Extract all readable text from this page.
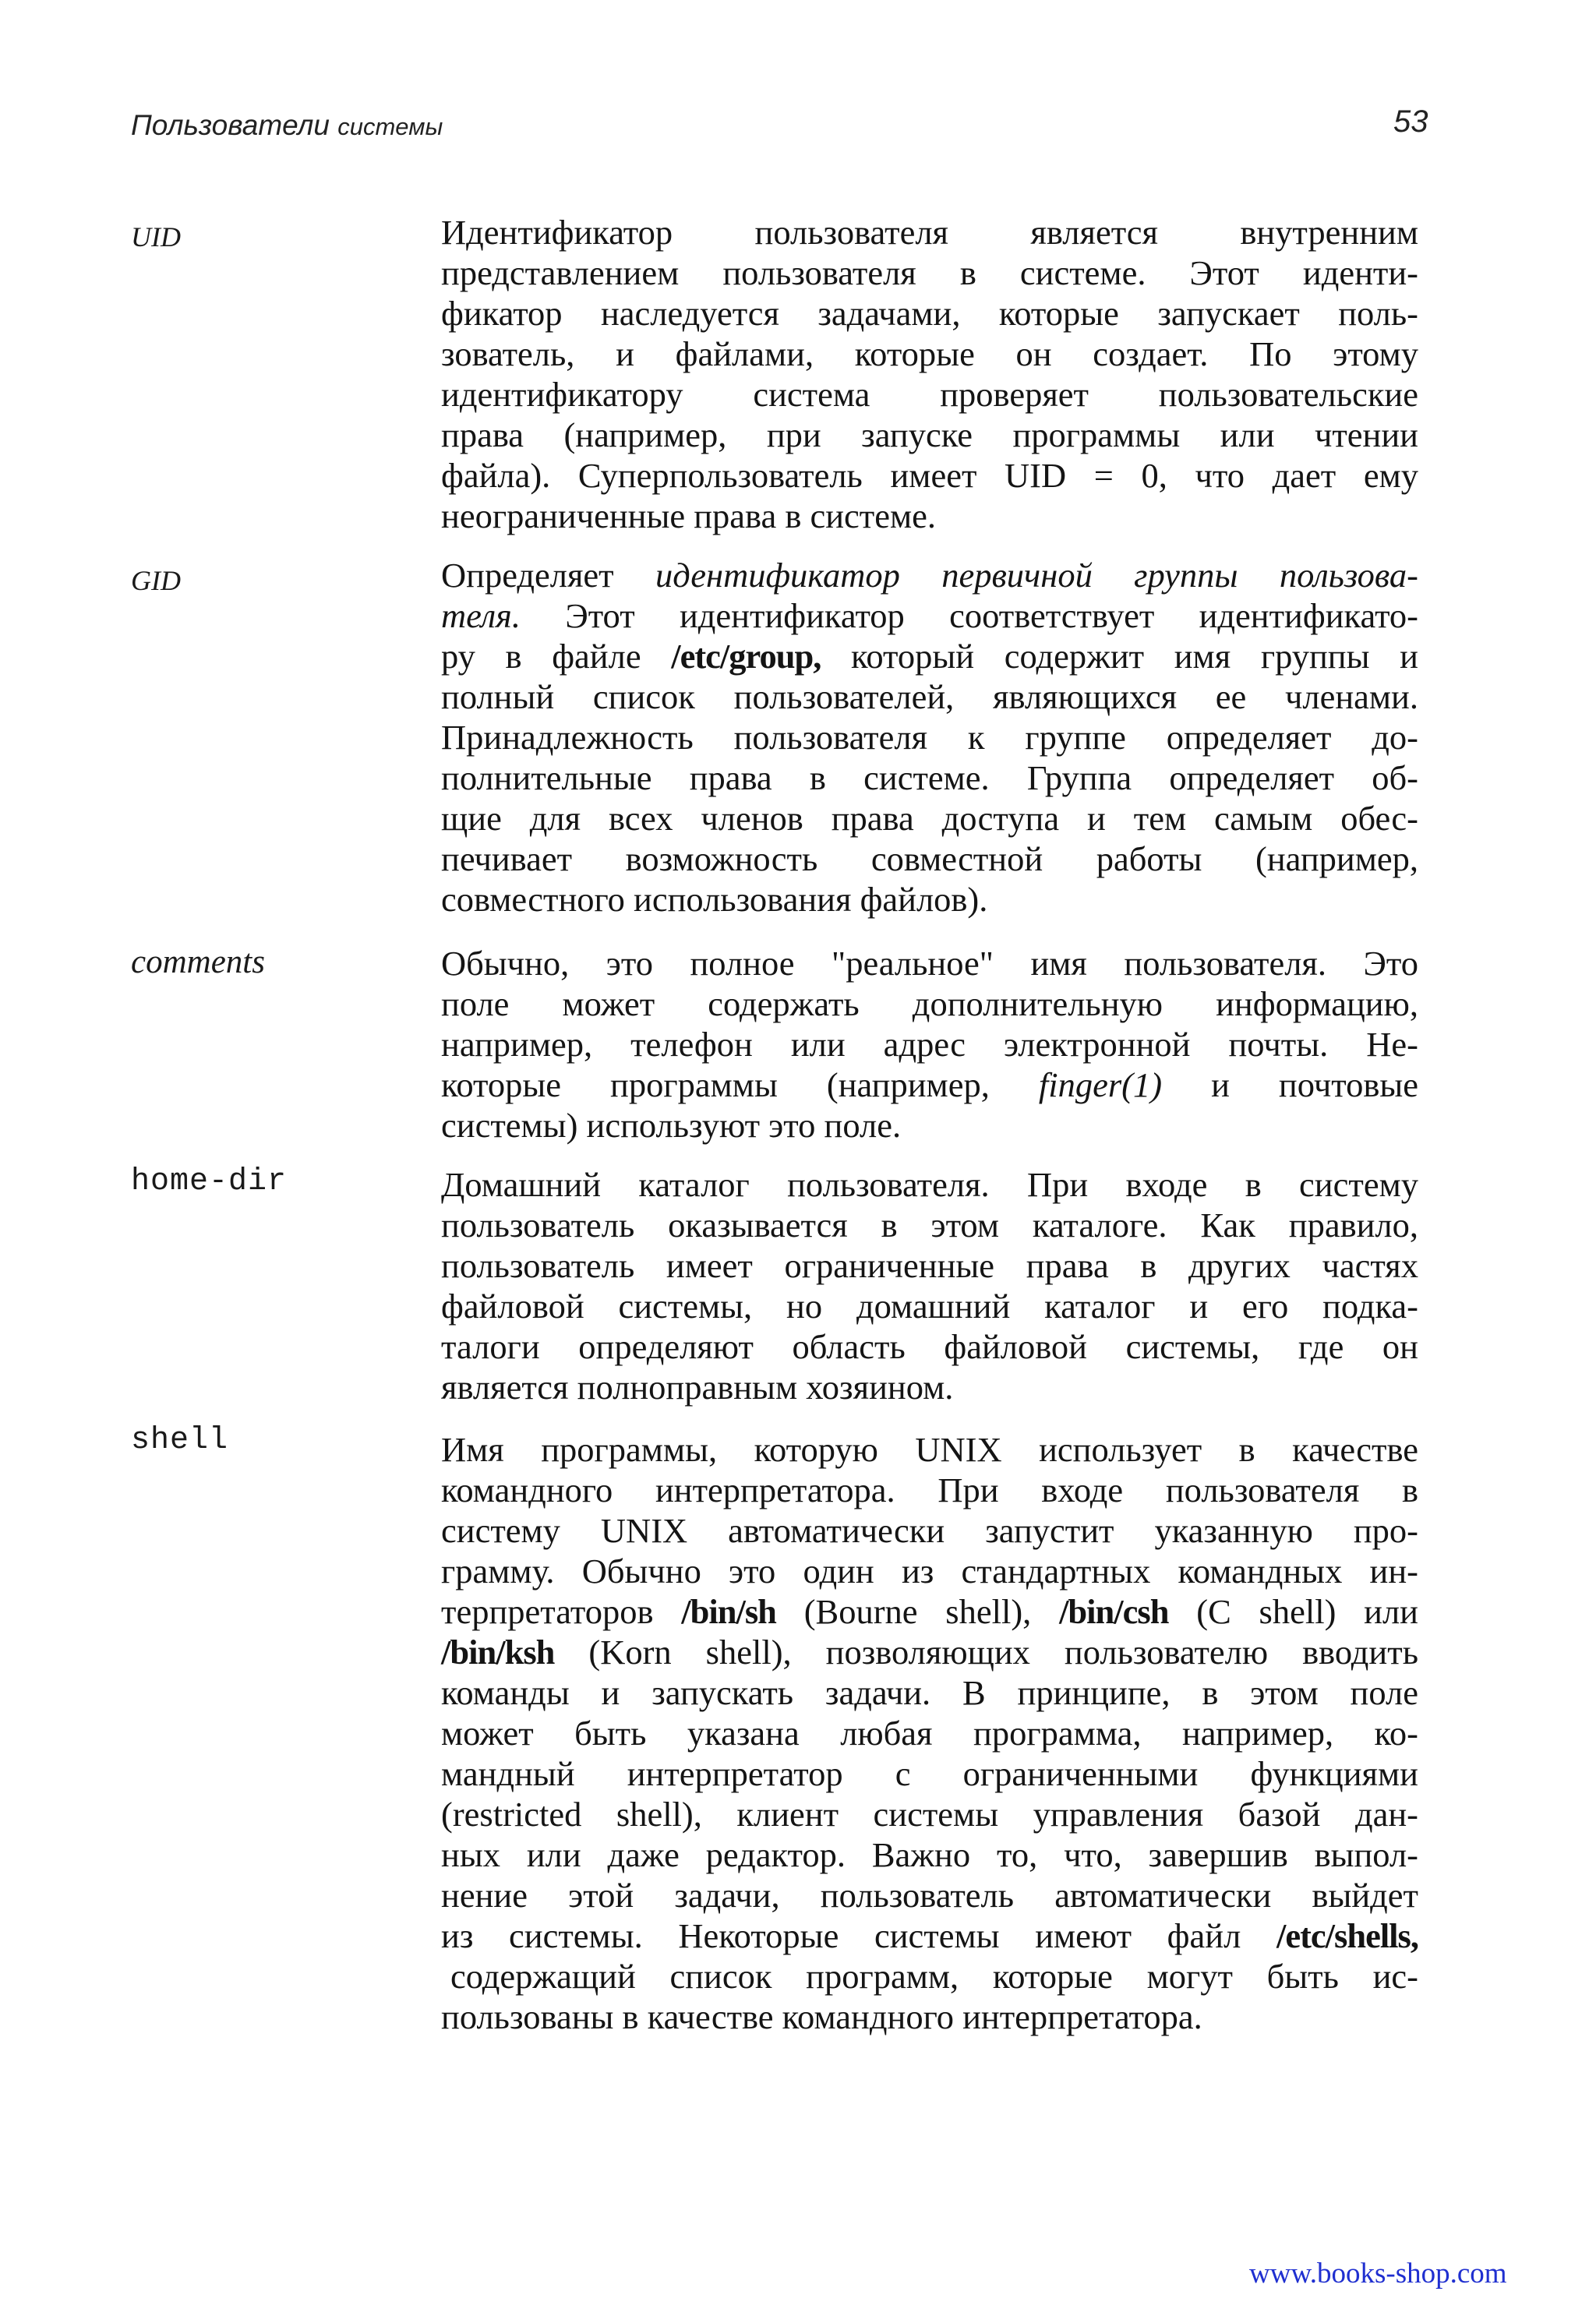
Пользователи системы	53
UID	Идентификатор пользователя является внутренним
представлением пользователя в системе. Этот иденти-
фикатор наследуется задачами, которые запускает поль-
зователь, и файлами, которые он создает. По этому
идентификатору система проверяет пользовательские
права (например, при запуске программы или чтении
файла). Суперпользователь имеет UID = 0, что дает ему
неограниченные права в системе.
GID	Определяет идентификатор первичной группы пользова-
теля. Этот идентификатор соответствует идентификато-
ру в файле /etc/group, который содержит имя группы и
полный список пользователей, являющихся ее членами.
Принадлежность пользователя к группе определяет до-
полнительные права в системе. Группа определяет об-
щие для всех членов права доступа и тем самым обес-
печивает возможность совместной работы (например,
совместного использования файлов).
comments	Обычно, это полное "реальное" имя пользователя. Это
поле может содержать дополнительную информацию,
например, телефон или адрес электронной почты. Не-
которые программы (например, finger(1) и почтовые
системы) используют это поле.
home-dir	Домашний каталог пользователя. При входе в систему
пользователь оказывается в этом каталоге. Как правило,
пользователь имеет ограниченные права в других частях
файловой системы, но домашний каталог и его подка-
талоги определяют область файловой системы, где он
является полноправным хозяином.
shell	Имя программы, которую UNIX использует в качестве
командного интерпретатора. При входе пользователя в
систему UNIX автоматически запустит указанную про-
грамму. Обычно это один из стандартных командных ин-
терпретаторов /bin/sh (Bourne shell), /bin/csh (C shell) или
/bin/ksh (Korn shell), позволяющих пользователю вводить
команды и запускать задачи. В принципе, в этом поле
может быть указана любая программа, например, ко-
мандный интерпретатор с ограниченными функциями
(restricted shell), клиент системы управления базой дан-
ных или даже редактор. Важно то, что, завершив выпол-
нение этой задачи, пользователь автоматически выйдет
из системы. Некоторые системы имеют файл /etc/shells,
содержащий список программ, которые могут быть ис-
пользованы в качестве командного интерпретатора.
www.books-shop.com
